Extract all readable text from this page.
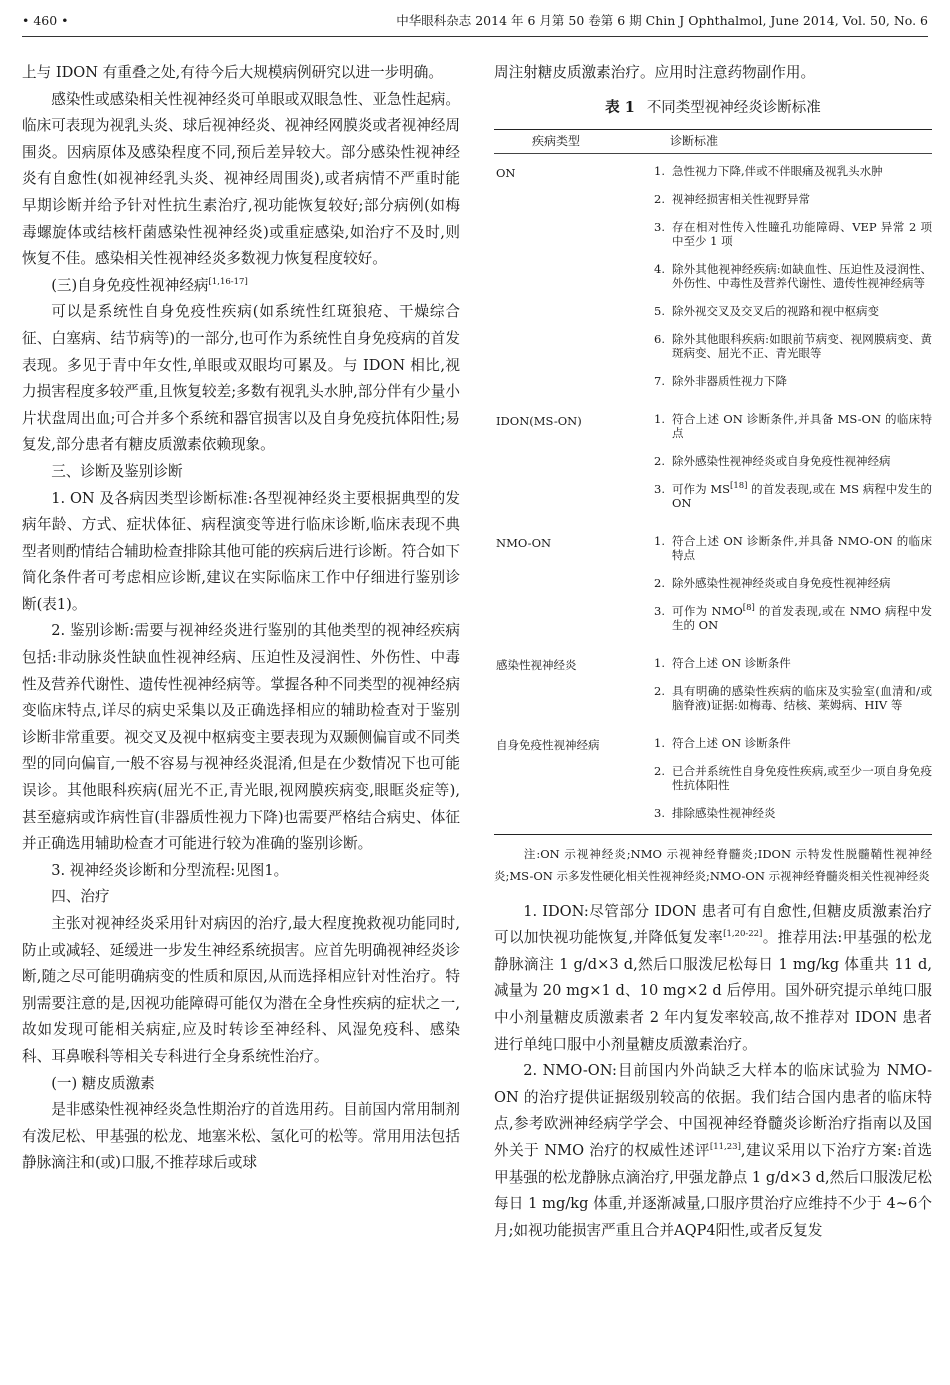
• 460 •	中华眼科杂志 2014 年 6 月第 50 卷第 6 期 Chin J Ophthalmol, June 2014, Vol. 50, No. 6

上与 IDON 有重叠之处,有待今后大规模病例研究以进一步明确。

感染性或感染相关性视神经炎可单眼或双眼急性、亚急性起病。临床可表现为视乳头炎、球后视神经炎、视神经网膜炎或者视神经周围炎。因病原体及感染程度不同,预后差异较大。部分感染性视神经炎有自愈性(如视神经乳头炎、视神经周围炎),或者病情不严重时能早期诊断并给予针对性抗生素治疗,视功能恢复较好;部分病例(如梅毒螺旋体或结核杆菌感染性视神经炎)或重症感染,如治疗不及时,则恢复不佳。感染相关性视神经炎多数视力恢复程度较好。

(三)自身免疫性视神经病[1,16-17]

可以是系统性自身免疫性疾病(如系统性红斑狼疮、干燥综合征、白塞病、结节病等)的一部分,也可作为系统性自身免疫病的首发表现。多见于青中年女性,单眼或双眼均可累及。与 IDON 相比,视力损害程度多较严重,且恢复较差;多数有视乳头水肿,部分伴有少量小片状盘周出血;可合并多个系统和器官损害以及自身免疫抗体阳性;易复发,部分患者有糖皮质激素依赖现象。

三、诊断及鉴别诊断

1. ON 及各病因类型诊断标准:各型视神经炎主要根据典型的发病年龄、方式、症状体征、病程演变等进行临床诊断,临床表现不典型者则酌情结合辅助检查排除其他可能的疾病后进行诊断。符合如下简化条件者可考虑相应诊断,建议在实际临床工作中仔细进行鉴别诊断(表1)。

2. 鉴别诊断:需要与视神经炎进行鉴别的其他类型的视神经疾病包括:非动脉炎性缺血性视神经病、压迫性及浸润性、外伤性、中毒性及营养代谢性、遗传性视神经病等。掌握各种不同类型的视神经病变临床特点,详尽的病史采集以及正确选择相应的辅助检查对于鉴别诊断非常重要。视交叉及视中枢病变主要表现为双颞侧偏盲或不同类型的同向偏盲,一般不容易与视神经炎混淆,但是在少数情况下也可能误诊。其他眼科疾病(屈光不正,青光眼,视网膜疾病变,眼眶炎症等),甚至癔病或诈病性盲(非器质性视力下降)也需要严格结合病史、体征并正确选用辅助检查才可能进行较为准确的鉴别诊断。

3. 视神经炎诊断和分型流程:见图1。

四、治疗

主张对视神经炎采用针对病因的治疗,最大程度挽救视功能同时,防止或减轻、延缓进一步发生神经系统损害。应首先明确视神经炎诊断,随之尽可能明确病变的性质和原因,从而选择相应针对性治疗。特别需要注意的是,因视功能障碍可能仅为潜在全身性疾病的症状之一,故如发现可能相关病症,应及时转诊至神经科、风湿免疫科、感染科、耳鼻喉科等相关专科进行全身系统性治疗。

(一) 糖皮质激素

是非感染性视神经炎急性期治疗的首选用药。目前国内常用制剂有泼尼松、甲基强的松龙、地塞米松、氢化可的松等。常用用法包括静脉滴注和(或)口服,不推荐球后或球

周注射糖皮质激素治疗。应用时注意药物副作用。

表 1 不同类型视神经炎诊断标准
疾病类型	诊断标准
ON	1. 急性视力下降,伴或不伴眼痛及视乳头水肿
2. 视神经损害相关性视野异常
3. 存在相对性传入性瞳孔功能障碍、VEP 异常 2 项中至少 1 项
4. 除外其他视神经疾病:如缺血性、压迫性及浸润性、外伤性、中毒性及营养代谢性、遗传性视神经病等
5. 除外视交叉及交叉后的视路和视中枢病变
6. 除外其他眼科疾病:如眼前节病变、视网膜病变、黄斑病变、屈光不正、青光眼等
7. 除外非器质性视力下降
IDON(MS-ON)	1. 符合上述 ON 诊断条件,并具备 MS-ON 的临床特点
2. 除外感染性视神经炎或自身免疫性视神经病
3. 可作为 MS[18] 的首发表现,或在 MS 病程中发生的 ON
NMO-ON	1. 符合上述 ON 诊断条件,并具备 NMO-ON 的临床特点
2. 除外感染性视神经炎或自身免疫性视神经病
3. 可作为 NMO[8] 的首发表现,或在 NMO 病程中发生的 ON
感染性视神经炎	1. 符合上述 ON 诊断条件
2. 具有明确的感染性疾病的临床及实验室(血清和/或脑脊液)证据:如梅毒、结核、莱姆病、HIV 等
自身免疫性视神经病	1. 符合上述 ON 诊断条件
2. 已合并系统性自身免疫性疾病,或至少一项自身免疫性抗体阳性
3. 排除感染性视神经炎
注:ON 示视神经炎;NMO 示视神经脊髓炎;IDON 示特发性脱髓鞘性视神经炎;MS-ON 示多发性硬化相关性视神经炎;NMO-ON 示视神经脊髓炎相关性视神经炎

1. IDON:尽管部分 IDON 患者可有自愈性,但糖皮质激素治疗可以加快视功能恢复,并降低复发率[1,20-22]。推荐用法:甲基强的松龙静脉滴注 1 g/d×3 d,然后口服泼尼松每日 1 mg/kg 体重共 11 d,减量为 20 mg×1 d、10 mg×2 d 后停用。国外研究提示单纯口服中小剂量糖皮质激素者 2 年内复发率较高,故不推荐对 IDON 患者进行单纯口服中小剂量糖皮质激素治疗。

2. NMO-ON:目前国内外尚缺乏大样本的临床试验为 NMO-ON 的治疗提供证据级别较高的依据。我们结合国内患者的临床特点,参考欧洲神经病学学会、中国视神经脊髓炎诊断治疗指南以及国外关于 NMO 治疗的权威性述评[11,23],建议采用以下治疗方案:首选甲基强的松龙静脉点滴治疗,甲强龙静点 1 g/d×3 d,然后口服泼尼松每日 1 mg/kg 体重,并逐渐减量,口服序贯治疗应维持不少于 4~6个月;如视功能损害严重且合并AQP4阳性,或者反复发
